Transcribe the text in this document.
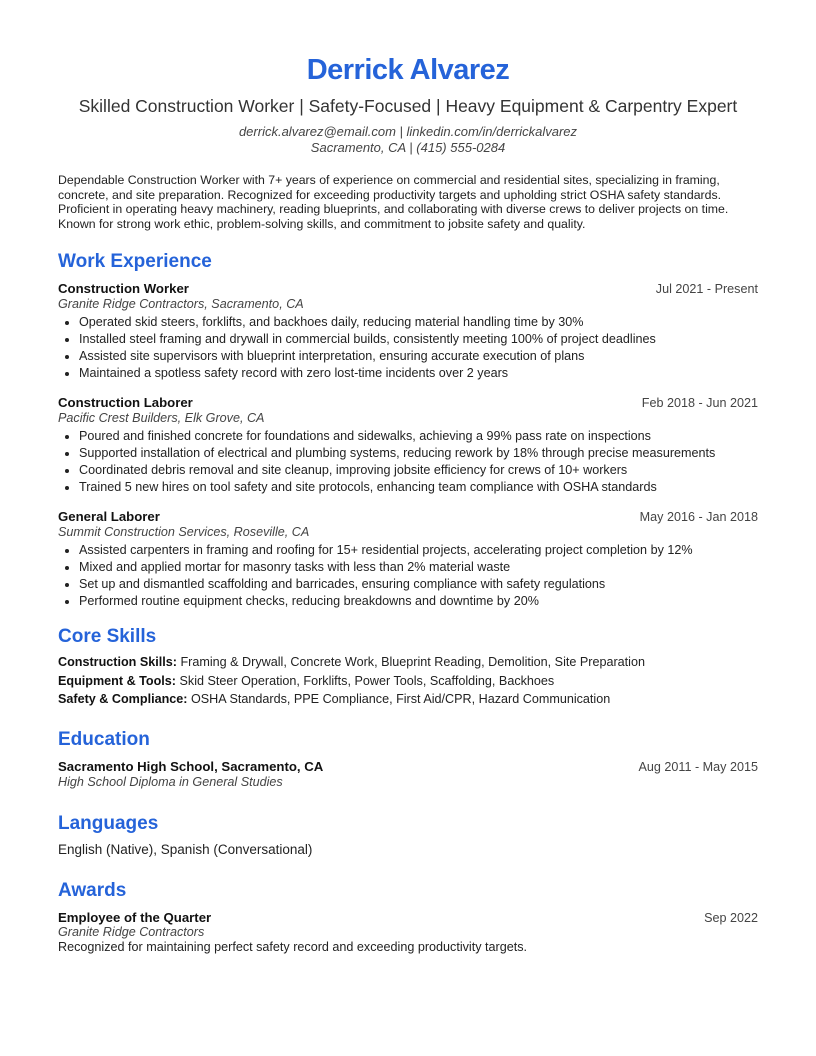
Derrick Alvarez
Skilled Construction Worker | Safety-Focused | Heavy Equipment & Carpentry Expert
derrick.alvarez@email.com | linkedin.com/in/derrickalvarez
Sacramento, CA | (415) 555-0284
Dependable Construction Worker with 7+ years of experience on commercial and residential sites, specializing in framing, concrete, and site preparation. Recognized for exceeding productivity targets and upholding strict OSHA safety standards. Proficient in operating heavy machinery, reading blueprints, and collaborating with diverse crews to deliver projects on time. Known for strong work ethic, problem-solving skills, and commitment to jobsite safety and quality.
Work Experience
Construction Worker	Jul 2021 - Present
Granite Ridge Contractors, Sacramento, CA
• Operated skid steers, forklifts, and backhoes daily, reducing material handling time by 30%
• Installed steel framing and drywall in commercial builds, consistently meeting 100% of project deadlines
• Assisted site supervisors with blueprint interpretation, ensuring accurate execution of plans
• Maintained a spotless safety record with zero lost-time incidents over 2 years
Construction Laborer	Feb 2018 - Jun 2021
Pacific Crest Builders, Elk Grove, CA
• Poured and finished concrete for foundations and sidewalks, achieving a 99% pass rate on inspections
• Supported installation of electrical and plumbing systems, reducing rework by 18% through precise measurements
• Coordinated debris removal and site cleanup, improving jobsite efficiency for crews of 10+ workers
• Trained 5 new hires on tool safety and site protocols, enhancing team compliance with OSHA standards
General Laborer	May 2016 - Jan 2018
Summit Construction Services, Roseville, CA
• Assisted carpenters in framing and roofing for 15+ residential projects, accelerating project completion by 12%
• Mixed and applied mortar for masonry tasks with less than 2% material waste
• Set up and dismantled scaffolding and barricades, ensuring compliance with safety regulations
• Performed routine equipment checks, reducing breakdowns and downtime by 20%
Core Skills
Construction Skills: Framing & Drywall, Concrete Work, Blueprint Reading, Demolition, Site Preparation
Equipment & Tools: Skid Steer Operation, Forklifts, Power Tools, Scaffolding, Backhoes
Safety & Compliance: OSHA Standards, PPE Compliance, First Aid/CPR, Hazard Communication
Education
Sacramento High School, Sacramento, CA	Aug 2011 - May 2015
High School Diploma in General Studies
Languages
English (Native), Spanish (Conversational)
Awards
Employee of the Quarter	Sep 2022
Granite Ridge Contractors
Recognized for maintaining perfect safety record and exceeding productivity targets.
